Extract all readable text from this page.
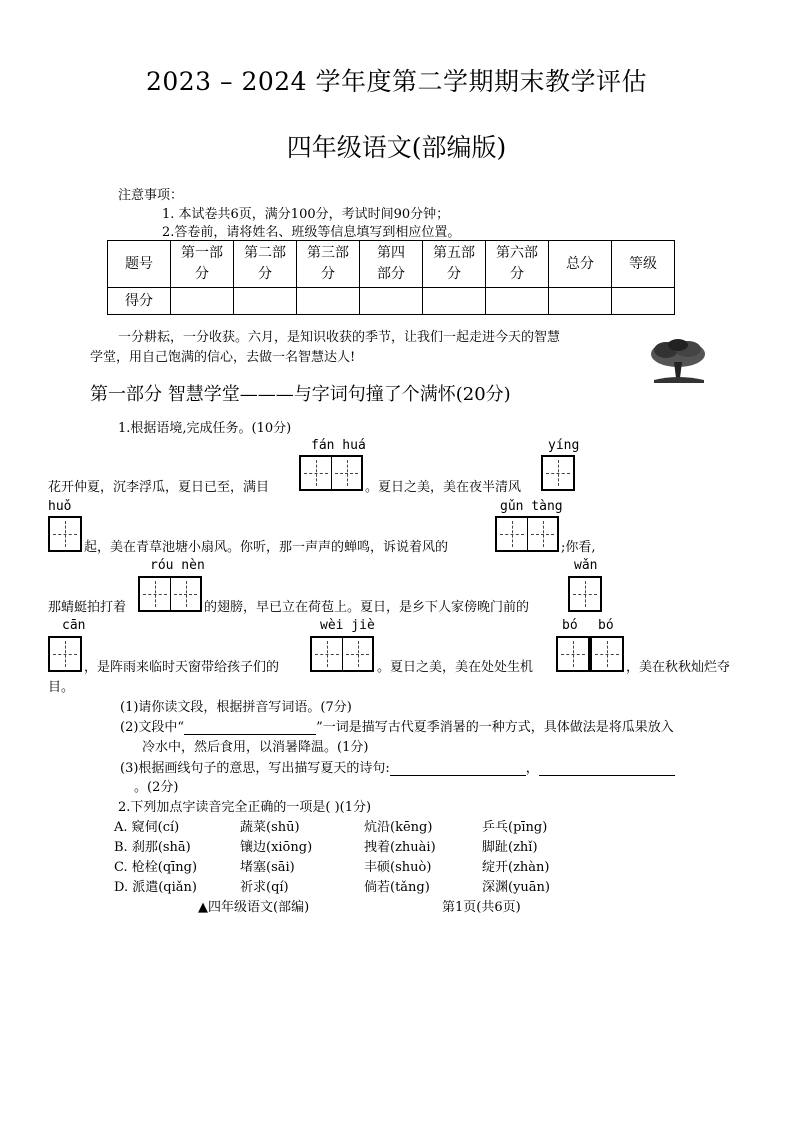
2023 – 2024 学年度第二学期期末教学评估
四年级语文(部编版)
注意事项：
1. 本试卷共6页，满分100分，考试时间90分钟；
2.答卷前，请将姓名、班级等信息填写到相应位置。
题号	第一部分	第二部分	第三部分	第四部分	第五部分	第六部分	总分	等级
得分								
一分耕耘，一分收获。六月，是知识收获的季节，让我们一起走进今天的智慧
学堂，用自己饱满的信心，去做一名智慧达人!
第一部分 智慧学堂———与字词句撞了个满怀(20分)
1.根据语境,完成任务。(10分)
fán huá	yíng
花开仲夏，沉李浮瓜，夏日已至，满目	。夏日之美，美在夜半清风
huǒ	gǔn tàng
起，美在青草池塘小扇风。你听，那一声声的蝉鸣，诉说着风的	;你看,
róu nèn	wǎn
那蜻蜓拍打着	的翅膀，早已立在荷苞上。夏日，是乡下人家傍晚门前的
cān	wèi jiè	bó bó
，是阵雨来临时天窗带给孩子们的	。夏日之美，美在处处生机	，美在秋秋灿烂夺
目。
(1)请你读文段，根据拼音写词语。(7分)
(2)文段中“	”一词是描写古代夏季消暑的一种方式，具体做法是将瓜果放入
冷水中，然后食用，以消暑降温。(1分)
(3)根据画线句子的意思，写出描写夏天的诗句:	，
。(2分)
2.下列加点字读音完全正确的一项是( )(1分)
A. 窥伺(cí)	蔬菜(shū)	炕沿(kēng)	乒乓(pīng)
B. 刹那(shā)	镶边(xiōng)	拽着(zhuài)	脚趾(zhǐ)
C. 枪栓(qīng)	堵塞(sāi)	丰硕(shuò)	绽开(zhàn)
D. 派遣(qiǎn)	祈求(qí)	倘若(tǎng)	深渊(yuān)
▲四年级语文(部编)	第1页(共6页)
